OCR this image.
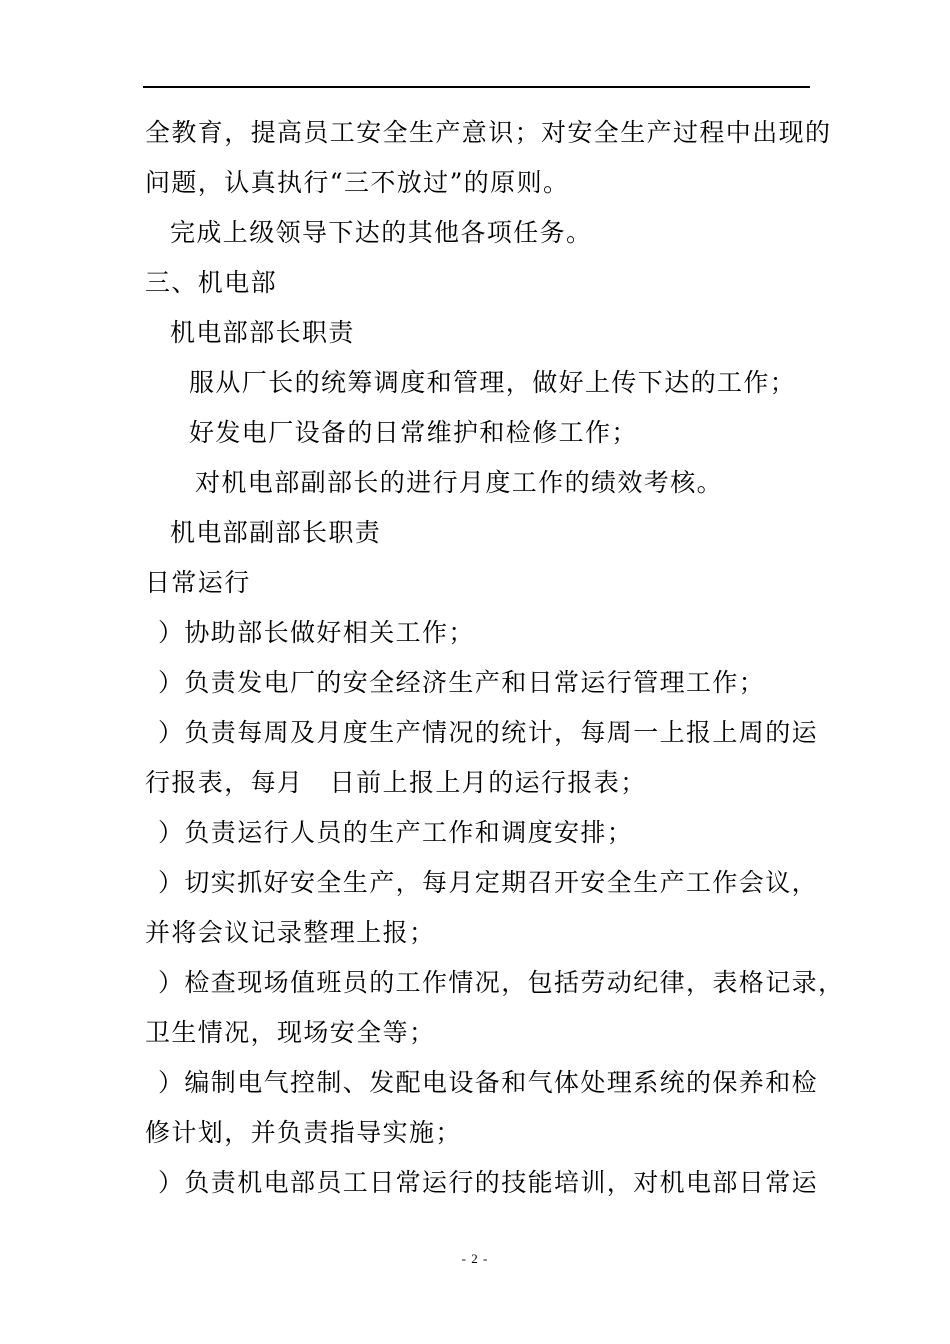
全教育，提高员工安全生产意识；对安全生产过程中出现的
问题，认真执行“三不放过”的原则。
完成上级领导下达的其他各项任务。
三、机电部
机电部部长职责
服从厂长的统筹调度和管理，做好上传下达的工作；
好发电厂设备的日常维护和检修工作；
对机电部副部长的进行月度工作的绩效考核。
机电部副部长职责
日常运行
）协助部长做好相关工作；
）负责发电厂的安全经济生产和日常运行管理工作；
）负责每周及月度生产情况的统计，每周一上报上周的运
行报表，每月　日前上报上月的运行报表；
）负责运行人员的生产工作和调度安排；
）切实抓好安全生产，每月定期召开安全生产工作会议，
并将会议记录整理上报；
）检查现场值班员的工作情况，包括劳动纪律，表格记录，
卫生情况，现场安全等；
）编制电气控制、发配电设备和气体处理系统的保养和检
修计划，并负责指导实施；
）负责机电部员工日常运行的技能培训，对机电部日常运
- 2 -
